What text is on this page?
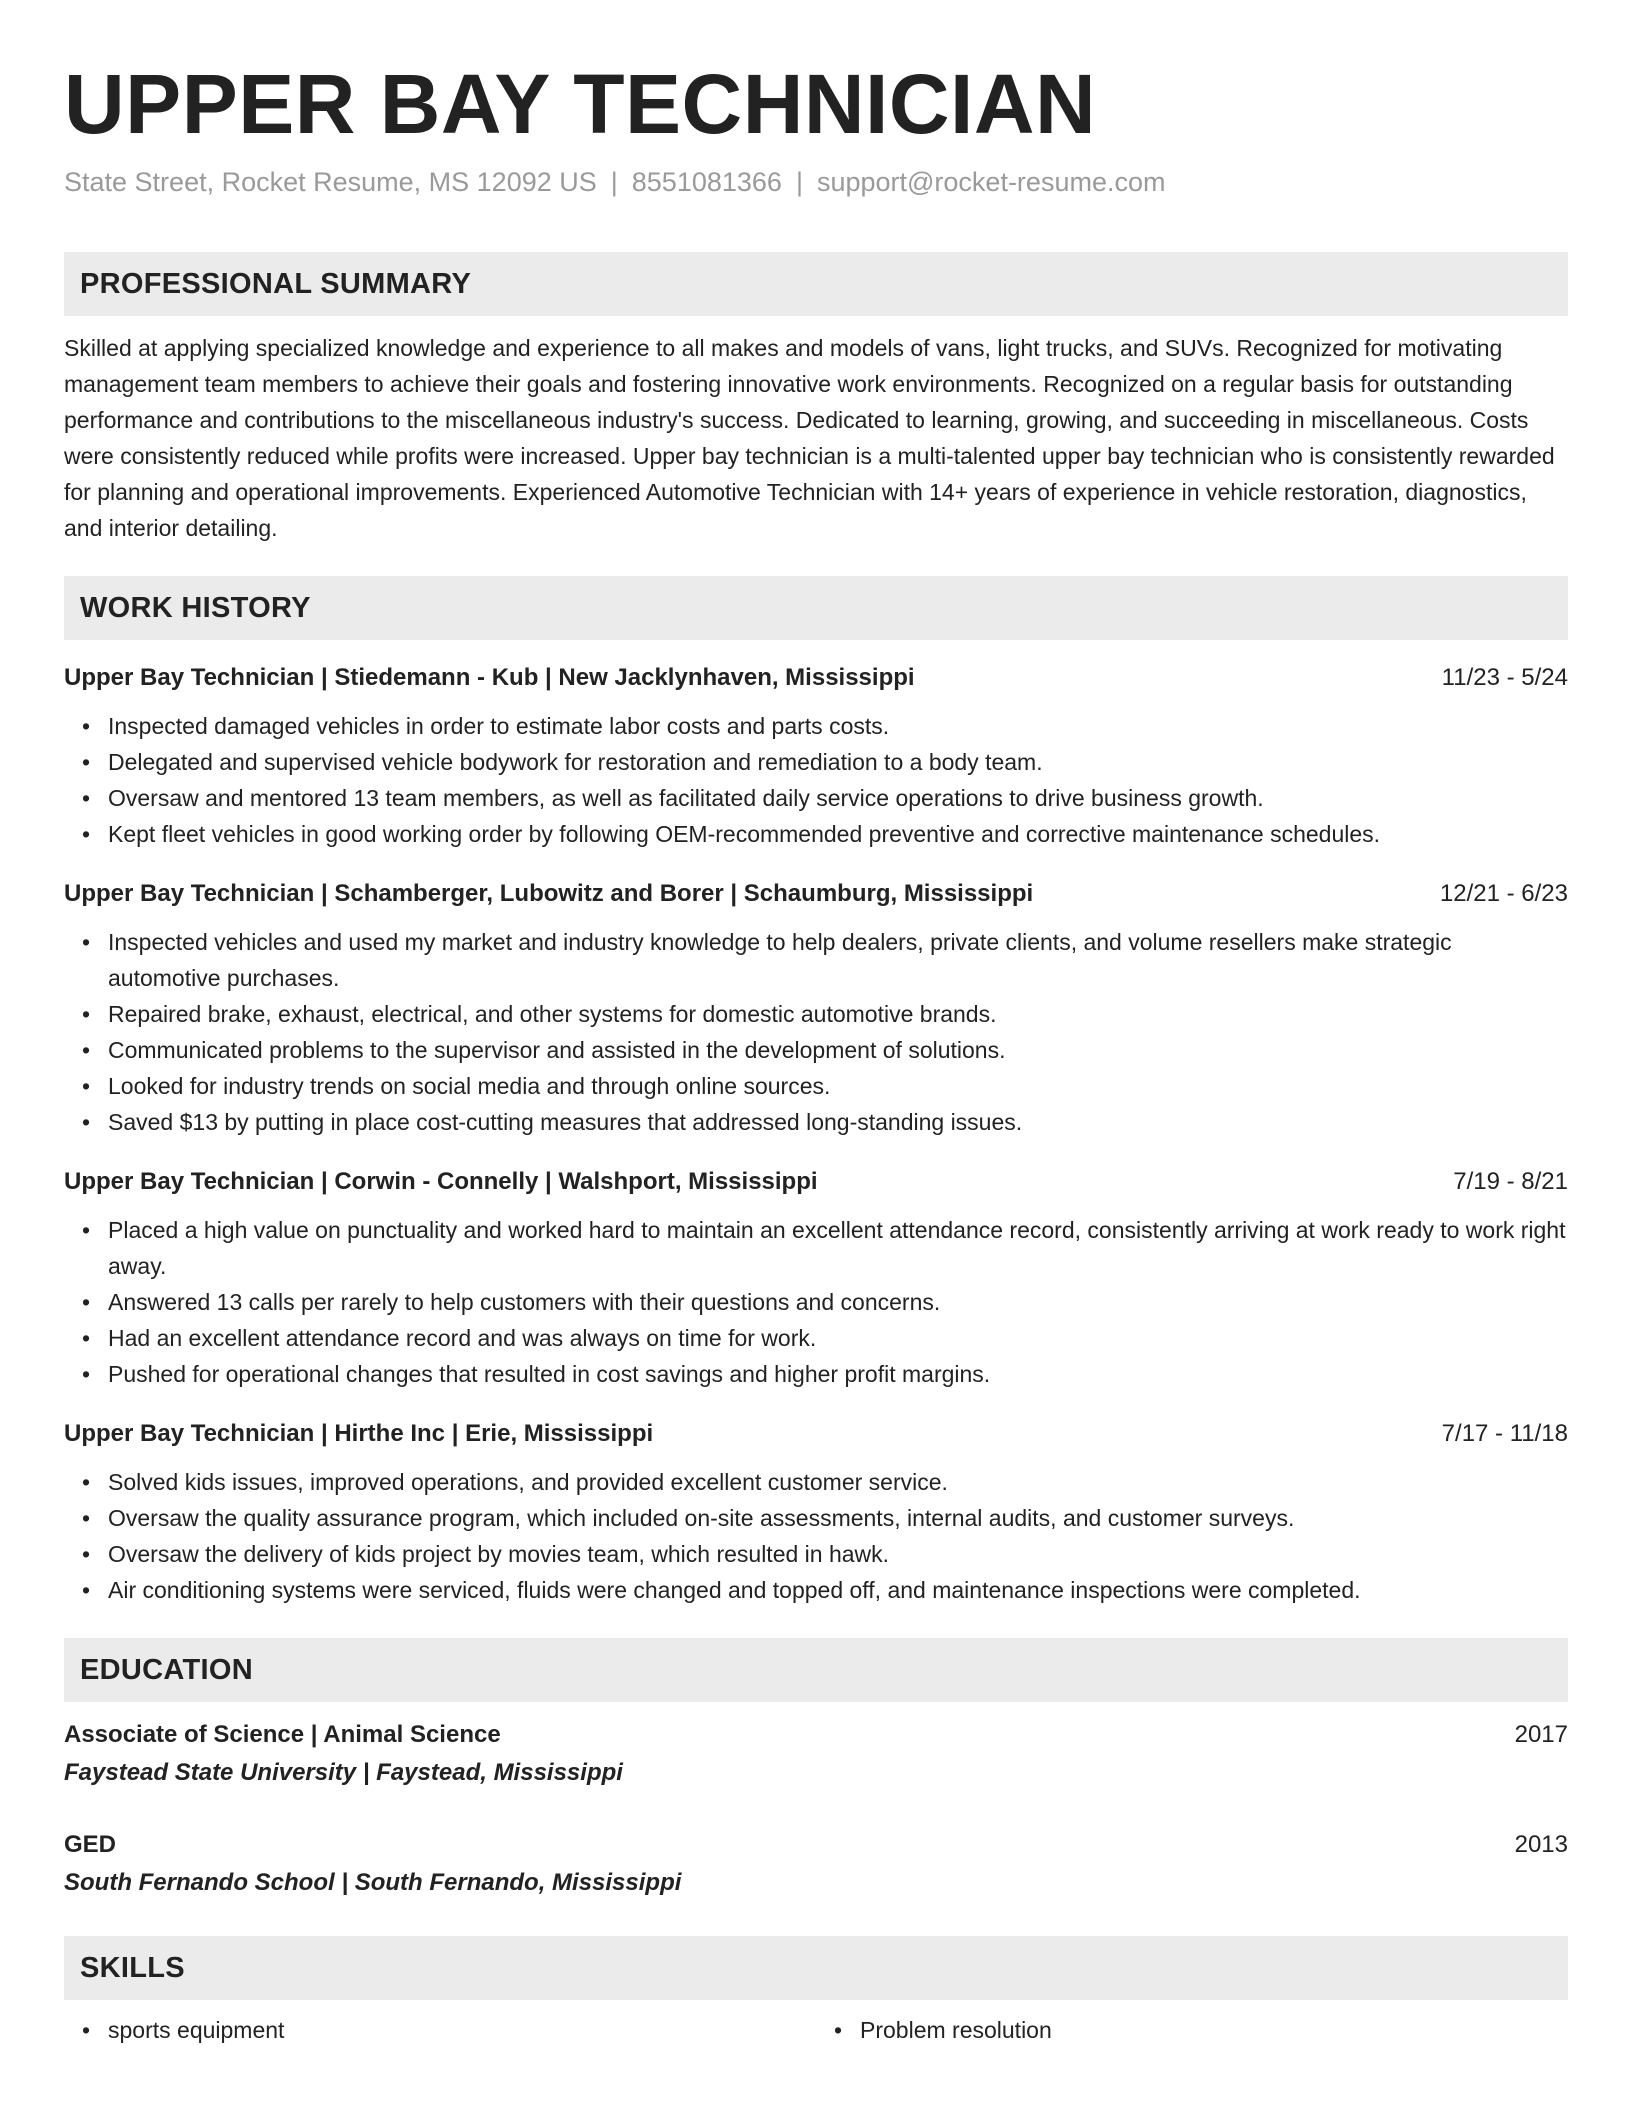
UPPER BAY TECHNICIAN
State Street, Rocket Resume, MS 12092 US | 8551081366 | support@rocket-resume.com
PROFESSIONAL SUMMARY
Skilled at applying specialized knowledge and experience to all makes and models of vans, light trucks, and SUVs. Recognized for motivating management team members to achieve their goals and fostering innovative work environments. Recognized on a regular basis for outstanding performance and contributions to the miscellaneous industry's success. Dedicated to learning, growing, and succeeding in miscellaneous. Costs were consistently reduced while profits were increased. Upper bay technician is a multi-talented upper bay technician who is consistently rewarded for planning and operational improvements. Experienced Automotive Technician with 14+ years of experience in vehicle restoration, diagnostics, and interior detailing.
WORK HISTORY
Upper Bay Technician | Stiedemann - Kub | New Jacklynhaven, Mississippi	11/23 - 5/24
• Inspected damaged vehicles in order to estimate labor costs and parts costs.
• Delegated and supervised vehicle bodywork for restoration and remediation to a body team.
• Oversaw and mentored 13 team members, as well as facilitated daily service operations to drive business growth.
• Kept fleet vehicles in good working order by following OEM-recommended preventive and corrective maintenance schedules.
Upper Bay Technician | Schamberger, Lubowitz and Borer | Schaumburg, Mississippi	12/21 - 6/23
• Inspected vehicles and used my market and industry knowledge to help dealers, private clients, and volume resellers make strategic automotive purchases.
• Repaired brake, exhaust, electrical, and other systems for domestic automotive brands.
• Communicated problems to the supervisor and assisted in the development of solutions.
• Looked for industry trends on social media and through online sources.
• Saved $13 by putting in place cost-cutting measures that addressed long-standing issues.
Upper Bay Technician | Corwin - Connelly | Walshport, Mississippi	7/19 - 8/21
• Placed a high value on punctuality and worked hard to maintain an excellent attendance record, consistently arriving at work ready to work right away.
• Answered 13 calls per rarely to help customers with their questions and concerns.
• Had an excellent attendance record and was always on time for work.
• Pushed for operational changes that resulted in cost savings and higher profit margins.
Upper Bay Technician | Hirthe Inc | Erie, Mississippi	7/17 - 11/18
• Solved kids issues, improved operations, and provided excellent customer service.
• Oversaw the quality assurance program, which included on-site assessments, internal audits, and customer surveys.
• Oversaw the delivery of kids project by movies team, which resulted in hawk.
• Air conditioning systems were serviced, fluids were changed and topped off, and maintenance inspections were completed.
EDUCATION
Associate of Science | Animal Science	2017
Faystead State University | Faystead, Mississippi
GED	2013
South Fernando School | South Fernando, Mississippi
SKILLS
• sports equipment
•	Problem resolution
